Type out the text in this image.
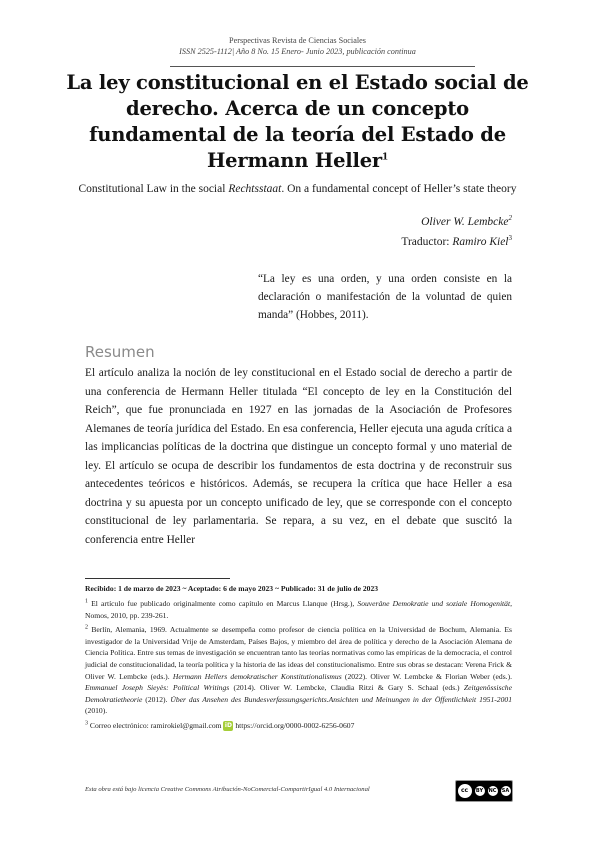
Perspectivas Revista de Ciencias Sociales
ISSN 2525-1112| Año 8 No. 15 Enero- Junio 2023, publicación continua
La ley constitucional en el Estado social de derecho. Acerca de un concepto fundamental de la teoría del Estado de Hermann Heller$^1$
Constitutional Law in the social Rechtsstaat. On a fundamental concept of Heller’s state theory
Oliver W. Lembcke$^2$
Traductor: Ramiro Kiel$^3$
“La ley es una orden, y una orden consiste en la declaración o manifestación de la voluntad de quien manda” (Hobbes, 2011).
Resumen
El artículo analiza la noción de ley constitucional en el Estado social de derecho a partir de una conferencia de Hermann Heller titulada “El concepto de ley en la Constitución del Reich”, que fue pronunciada en 1927 en las jornadas de la Asociación de Profesores Alemanes de teoría jurídica del Estado. En esa conferencia, Heller ejecuta una aguda crítica a las implicancias políticas de la doctrina que distingue un concepto formal y uno material de ley. El artículo se ocupa de describir los fundamentos de esta doctrina y de reconstruir sus antecedentes teóricos e históricos. Además, se recupera la crítica que hace Heller a esa doctrina y su apuesta por un concepto unificado de ley, que se corresponde con el concepto constitucional de ley parlamentaria. Se repara, a su vez, en el debate que suscitó la conferencia entre Heller
Recibido: 1 de marzo de 2023 ~ Aceptado: 6 de mayo 2023 ~ Publicado: 31 de julio de 2023

$^1$ El artículo fue publicado originalmente como capítulo en Marcus Llanque (Hrsg.), Souveräne Demokratie und soziale Homogenität, Nomos, 2010, pp. 239-261.

$^2$ Berlín, Alemania, 1969. Actualmente se desempeña como profesor de ciencia política en la Universidad de Bochum, Alemania. Es investigador de la Universidad Vrije de Amsterdam, Países Bajos, y miembro del área de política y derecho de la Asociación Alemana de Ciencia Política. Entre sus temas de investigación se encuentran tanto las teorías normativas como las empíricas de la democracia, el control judicial de constitucionalidad, la teoría política y la historia de las ideas del constitucionalismo. Entre sus obras se destacan: Verena Frick & Oliver W. Lembcke (eds.). Hermann Hellers demokratischer Konstitutionalismus (2022). Oliver W. Lembcke & Florian Weber (eds.). Emmanuel Joseph Sieyès: Political Writings (2014). Oliver W. Lembcke, Claudia Ritzi & Gary S. Schaal (eds.) Zeitgenössische Demokratietheorie (2012). Über das Ansehen des Bundesverfassungsgerichts.Ansichten und Meinungen in der Öffentlichkeit 1951-2001 (2010).

$^3$ Correo electrónico: ramirokiel@gmail.com iD https://orcid.org/0000-0002-6256-0607

Esta obra está bajo licencia Creative Commons Atribución-NoComercial-CompartirIgual 4.0 Internacional	cc	BY	NC	SA
